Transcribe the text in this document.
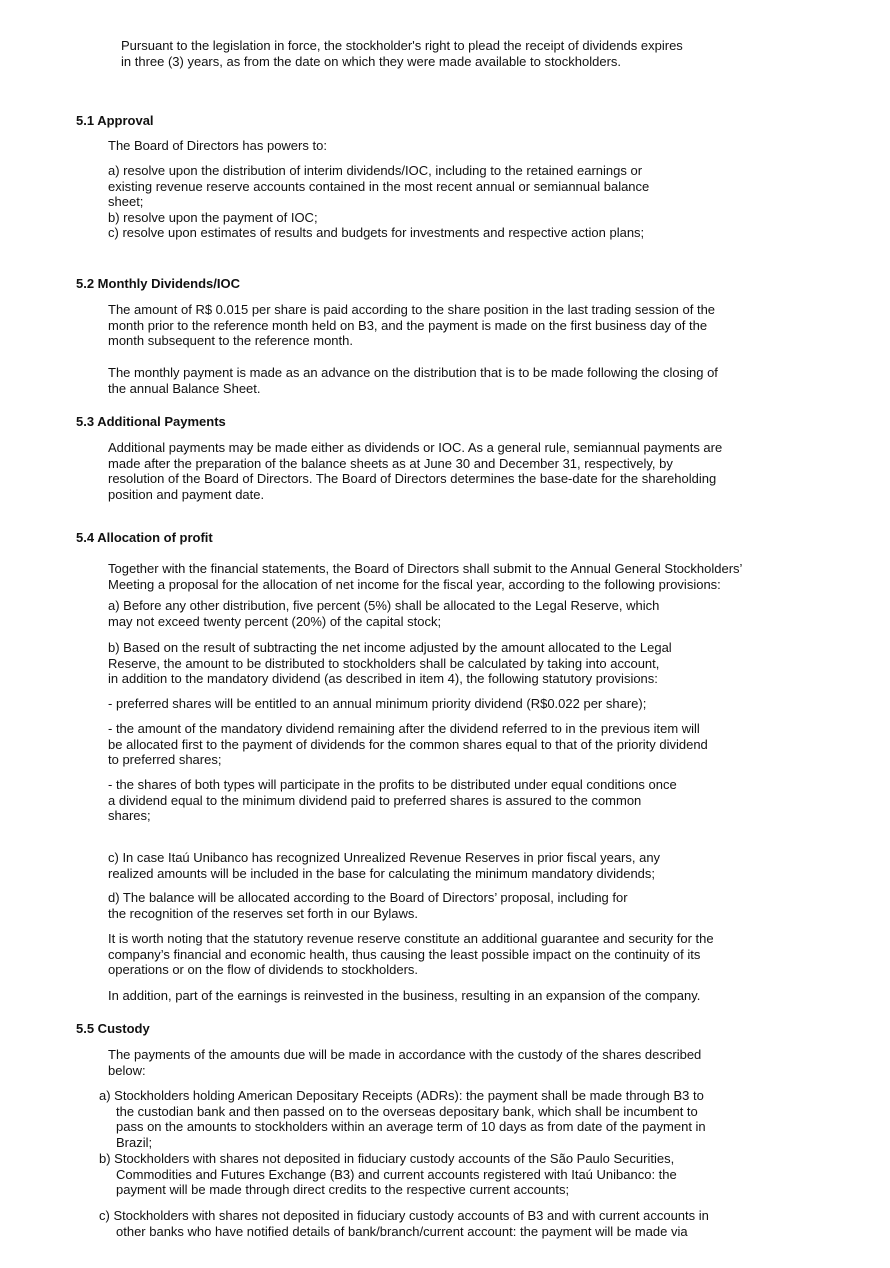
Pursuant to the legislation in force, the stockholder's right to plead the receipt of dividends expires
in three (3) years, as from the date on which they were made available to stockholders.
5.1 Approval
The Board of Directors has powers to:
a) resolve upon the distribution of interim dividends/IOC, including to the retained earnings or
existing revenue reserve accounts contained in the most recent annual or semiannual balance
sheet;
b) resolve upon the payment of IOC;
c) resolve upon estimates of results and budgets for investments and respective action plans;
5.2 Monthly Dividends/IOC
The amount of R$ 0.015 per share is paid according to the share position in the last trading session of the
month prior to the reference month held on B3, and the payment is made on the first business day of the
month subsequent to the reference month.
The monthly payment is made as an advance on the distribution that is to be made following the closing of
the annual Balance Sheet.
5.3 Additional Payments
Additional payments may be made either as dividends or IOC. As a general rule, semiannual payments are
made after the preparation of the balance sheets as at June 30 and December 31, respectively, by
resolution of the Board of Directors. The Board of Directors determines the base-date for the shareholding
position and payment date.
5.4 Allocation of profit
Together with the financial statements, the Board of Directors shall submit to the Annual General Stockholders’
Meeting a proposal for the allocation of net income for the fiscal year, according to the following provisions:
a) Before any other distribution, five percent (5%) shall be allocated to the Legal Reserve, which
may not exceed twenty percent (20%) of the capital stock;
b) Based on the result of subtracting the net income adjusted by the amount allocated to the Legal
Reserve, the amount to be distributed to stockholders shall be calculated by taking into account,
in addition to the mandatory dividend (as described in item 4), the following statutory provisions:
- preferred shares will be entitled to an annual minimum priority dividend (R$0.022 per share);
- the amount of the mandatory dividend remaining after the dividend referred to in the previous item will
be allocated first to the payment of dividends for the common shares equal to that of the priority dividend
to preferred shares;
- the shares of both types will participate in the profits to be distributed under equal conditions once
a dividend equal to the minimum dividend paid to preferred shares is assured to the common
shares;
c) In case Itaú Unibanco has recognized Unrealized Revenue Reserves in prior fiscal years, any
realized amounts will be included in the base for calculating the minimum mandatory dividends;
d) The balance will be allocated according to the Board of Directors’ proposal, including for
the recognition of the reserves set forth in our Bylaws.
It is worth noting that the statutory revenue reserve constitute an additional guarantee and security for the
company’s financial and economic health, thus causing the least possible impact on the continuity of its
operations or on the flow of dividends to stockholders.
In addition, part of the earnings is reinvested in the business, resulting in an expansion of the company.
5.5 Custody
The payments of the amounts due will be made in accordance with the custody of the shares described
below:
a) Stockholders holding American Depositary Receipts (ADRs): the payment shall be made through B3 to
the custodian bank and then passed on to the overseas depositary bank, which shall be incumbent to
pass on the amounts to stockholders within an average term of 10 days as from date of the payment in
Brazil;
b) Stockholders with shares not deposited in fiduciary custody accounts of the São Paulo Securities,
Commodities and Futures Exchange (B3) and current accounts registered with Itaú Unibanco: the
payment will be made through direct credits to the respective current accounts;
c) Stockholders with shares not deposited in fiduciary custody accounts of B3 and with current accounts in
other banks who have notified details of bank/branch/current account: the payment will be made via
